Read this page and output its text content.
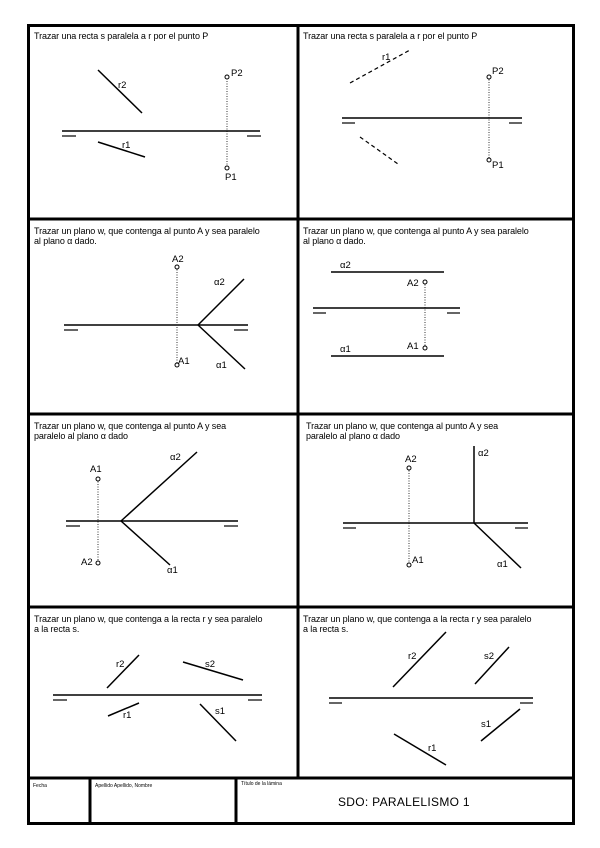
r2
r1
P2
P1
r1
P2
P1
A2
A1
α2
α1
α2
A2
A1
α1
A1
α2
A2
α1
A2
α2
A1	α1
r2	s2
r1	s1
r2	s2
s1
r1
Trazar una recta s paralela a r por el punto P	Trazar una recta s paralela a r por el punto P
Trazar un plano w, que contenga al punto A y sea paralelo
al plano α dado.
Trazar un plano w, que contenga al punto A y sea paralelo
al plano α dado.
Trazar un plano w, que contenga al punto A y sea
paralelo al plano α dado
Trazar un plano w, que contenga al punto A y sea
paralelo al plano α dado
Trazar un plano w, que contenga a la recta r y sea paralelo
a la recta s.
Trazar un plano w, que contenga a la recta r y sea paralelo
a la recta s.
Fecha	Apellido Apellido, Nombre	Título de la lámina
SDO: PARALELISMO 1
